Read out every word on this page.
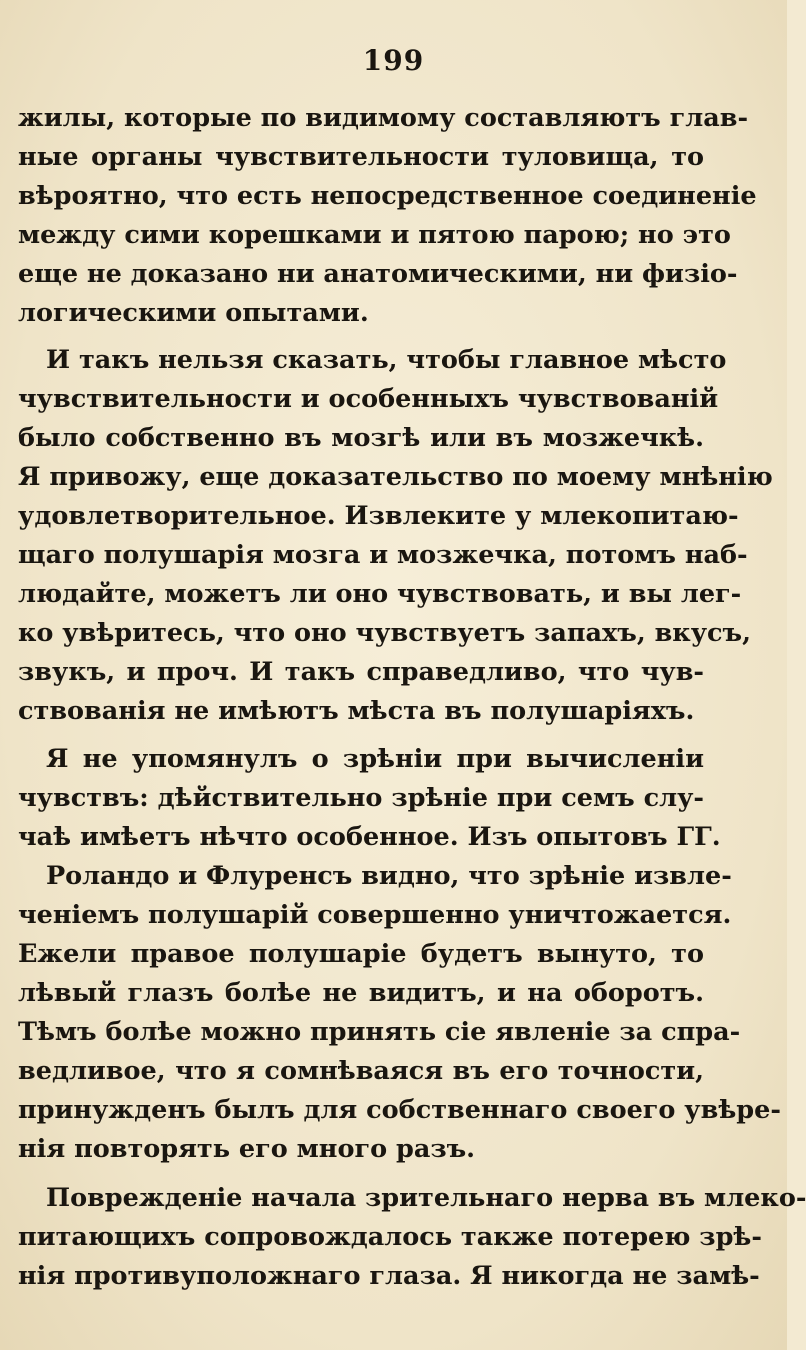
199
жилы, которые по видимому составляютъ глав-
ные органы чувствительности туловища, то
вѣроятно, что есть непосредственное соединенiе
между сими корешками и пятою парою; но это
еще не доказано ни анатомическими, ни физiо-
логическими опытами.
И такъ нельзя сказать, чтобы главное мѣсто
чувствительности и особенныхъ чувствованiй
было собственно въ мозгѣ или въ мозжечкѣ.
Я привожу, еще доказательство по моему мнѣнiю
удовлетворительное. Извлеките у млекопитаю-
щаго полушарiя мозга и мозжечка, потомъ наб-
людайте, можетъ ли оно чувствовать, и вы лег-
ко увѣритесь, что оно чувствуетъ запахъ, вкусъ,
звукъ, и проч. И такъ справедливо, что чув-
ствованiя не имѣютъ мѣста въ полушарiяхъ.
Я не упомянулъ о зрѣнiи при вычисленiи
чувствъ: дѣйствительно зрѣнiе при семъ слу-
чаѣ имѣетъ нѣчто особенное. Изъ опытовъ ГГ.
Роландо и Флуренсъ видно, что зрѣнiе извле-
ченiемъ полушарiй совершенно уничтожается.
Ежели правое полушарiе будетъ вынуто, то
лѣвый глазъ болѣе не видитъ, и на оборотъ.
Тѣмъ болѣе можно принять сiе явленiе за спра-
ведливое, что я сомнѣваяся въ его точности,
принужденъ былъ для собственнаго своего увѣре-
нiя повторять его много разъ.
Поврежденiе начала зрительнаго нерва въ млеко-
питающихъ сопровождалось также потерею зрѣ-
нiя противуположнаго глаза. Я никогда не замѣ-
